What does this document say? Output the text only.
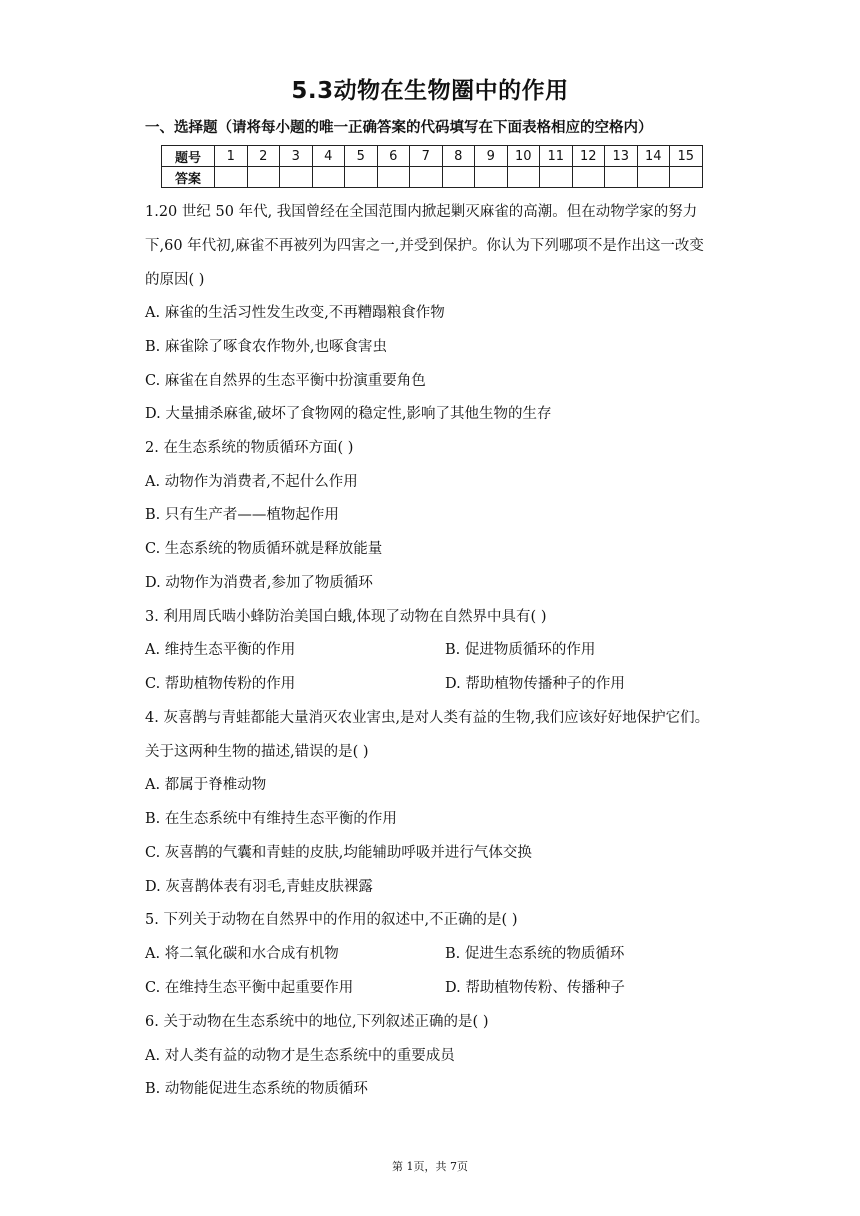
5.3动物在生物圈中的作用
一、选择题（请将每小题的唯一正确答案的代码填写在下面表格相应的空格内）
题号	1	2	3	4	5	6	7	8	9	10	11	12	13	14	15
答案															
1.20 世纪 50 年代, 我国曾经在全国范围内掀起剿灭麻雀的高潮。但在动物学家的努力
下,60 年代初,麻雀不再被列为四害之一,并受到保护。你认为下列哪项不是作出这一改变
的原因( )
A. 麻雀的生活习性发生改变,不再糟蹋粮食作物
B. 麻雀除了啄食农作物外,也啄食害虫
C. 麻雀在自然界的生态平衡中扮演重要角色
D. 大量捕杀麻雀,破坏了食物网的稳定性,影响了其他生物的生存
2. 在生态系统的物质循环方面( )
A. 动物作为消费者,不起什么作用
B. 只有生产者——植物起作用
C. 生态系统的物质循环就是释放能量
D. 动物作为消费者,参加了物质循环
3. 利用周氏啮小蜂防治美国白蛾,体现了动物在自然界中具有( )
A. 维持生态平衡的作用	B. 促进物质循环的作用
C. 帮助植物传粉的作用	D. 帮助植物传播种子的作用
4. 灰喜鹊与青蛙都能大量消灭农业害虫,是对人类有益的生物,我们应该好好地保护它们。
关于这两种生物的描述,错误的是( )
A. 都属于脊椎动物
B. 在生态系统中有维持生态平衡的作用
C. 灰喜鹊的气囊和青蛙的皮肤,均能辅助呼吸并进行气体交换
D. 灰喜鹊体表有羽毛,青蛙皮肤裸露
5. 下列关于动物在自然界中的作用的叙述中,不正确的是( )
A. 将二氧化碳和水合成有机物	B. 促进生态系统的物质循环
C. 在维持生态平衡中起重要作用	D. 帮助植物传粉、传播种子
6. 关于动物在生态系统中的地位,下列叙述正确的是( )
A. 对人类有益的动物才是生态系统中的重要成员
B. 动物能促进生态系统的物质循环
第 1页，共 7页
